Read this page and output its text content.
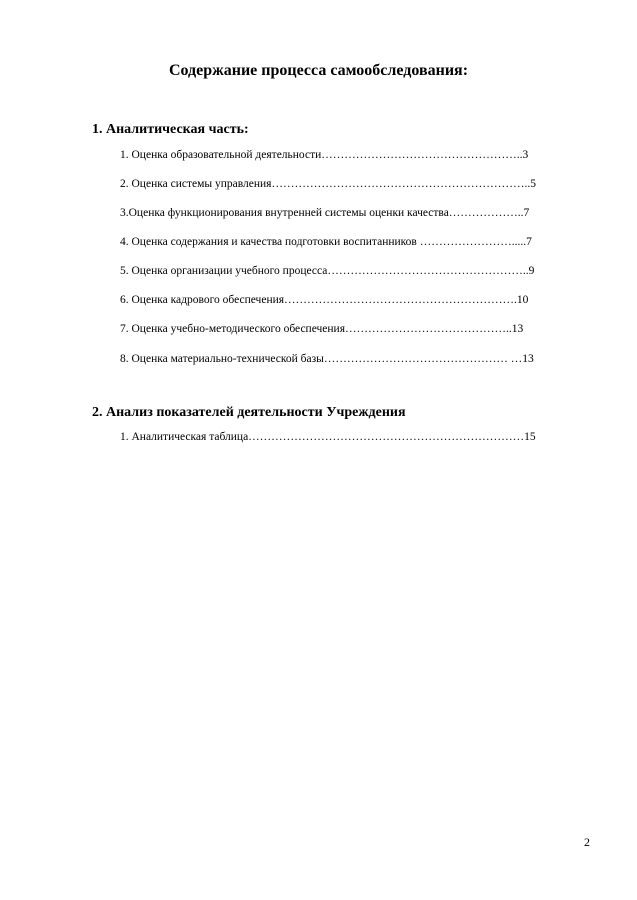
Содержание процесса самообследования:
1. Аналитическая часть:
1. Оценка образовательной деятельности……………………………………………..3
2. Оценка системы управления…………………………………………………………..5
3.Оценка функционирования внутренней системы оценки качества………………..7
4. Оценка содержания и качества подготовки воспитанников …………………….....7
5. Оценка организации учебного процесса……………………………………………..9
6. Оценка кадрового обеспечения…………………………………………………….10
7. Оценка учебно-методического обеспечения……………………………………..13
8. Оценка материально-технической базы………………………………………… …13
2. Анализ показателей деятельности Учреждения
1. Аналитическая таблица………………………………………………………………15
2
